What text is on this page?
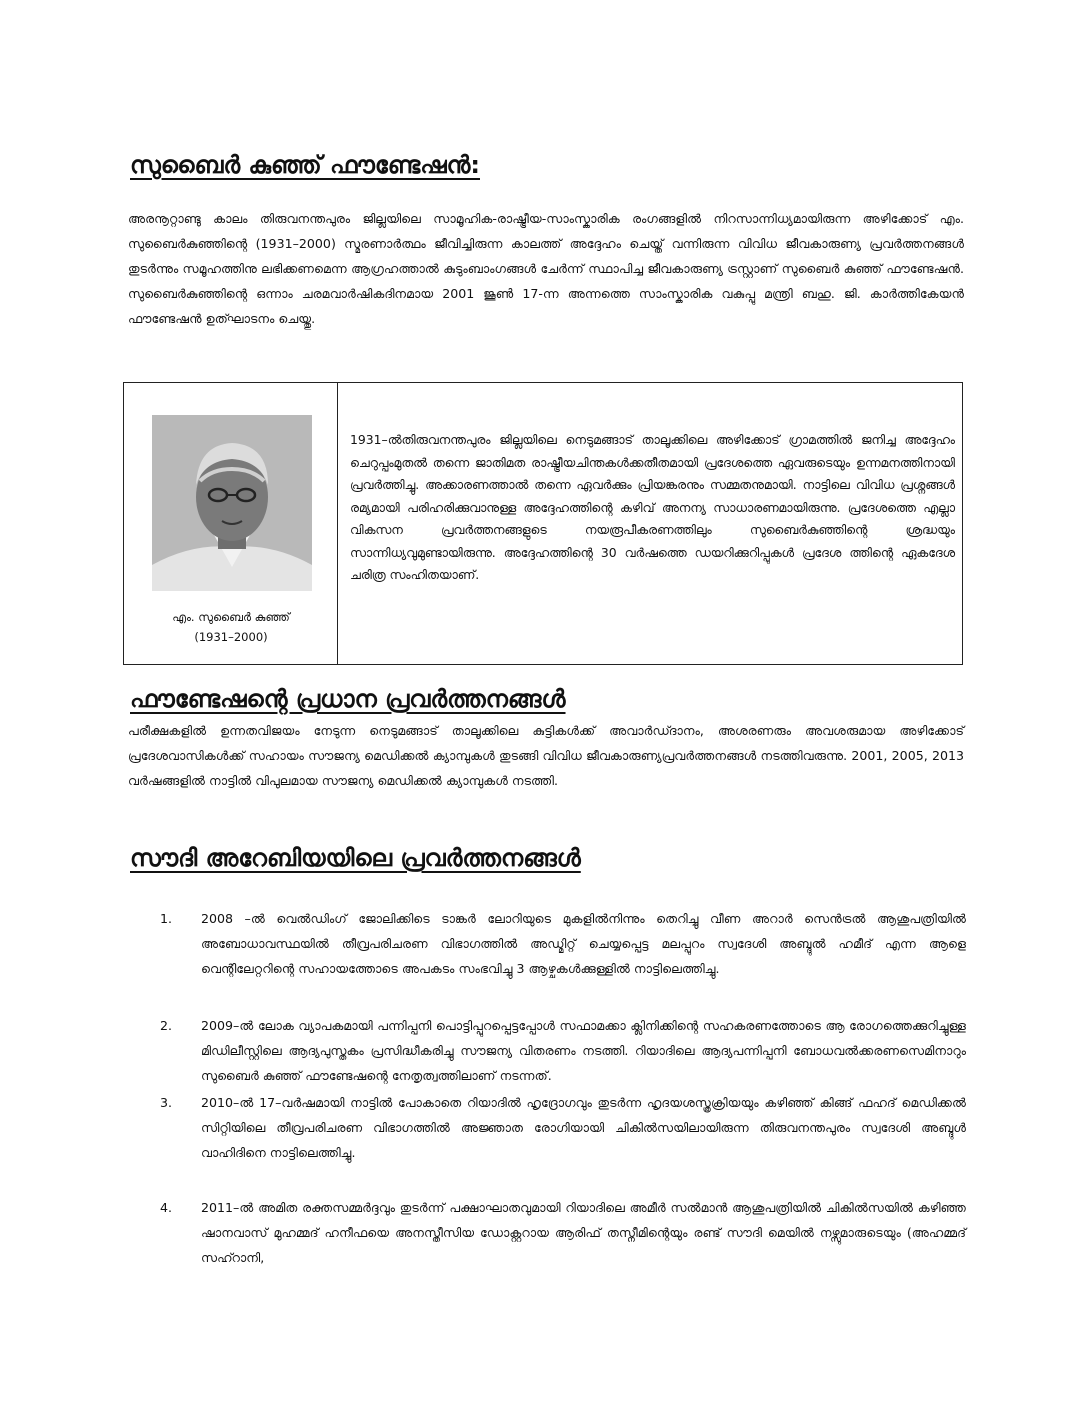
സുബൈർ കുഞ്ഞ് ഫൗണ്ടേഷൻ:

അരനൂറ്റാണ്ടു കാലം തിരുവനന്തപുരം ജില്ലയിലെ സാമൂഹിക-രാഷ്ട്രീയ-സാംസ്കാരിക രംഗങ്ങളിൽ നിറസാന്നിധ്യമായിരുന്ന അഴിക്കോട് എം. സുബൈർകുഞ്ഞിന്റെ (1931–2000) സ്മരണാർത്ഥം ജീവിച്ചിരുന്ന കാലത്ത് അദ്ദേഹം ചെയ്ത് വന്നിരുന്ന വിവിധ ജീവകാരുണ്യ പ്രവർത്തനങ്ങൾ തുടർന്നും സമൂഹത്തിനു ലഭിക്കണമെന്ന ആഗ്രഹത്താൽ കുടുംബാംഗങ്ങൾ ചേർന്ന് സ്ഥാപിച്ച ജീവകാരുണ്യ ട്രസ്റ്റാണ് സുബൈർ കുഞ്ഞ് ഫൗണ്ടേഷൻ. സുബൈർകുഞ്ഞിന്റെ ഒന്നാം ചരമവാർഷികദിനമായ 2001 ജൂൺ 17-ന്ന അന്നത്തെ സാംസ്കാരിക വകുപ്പു മന്ത്രി ബഹു. ജി. കാർത്തികേയൻ ഫൗണ്ടേഷൻ ഉത്ഘാടനം ചെയ്തു.

എം. സുബൈർ കുഞ്ഞ്
(1931–2000)

1931–ൽതിരുവനന്തപുരം ജില്ലയിലെ നെടുമങ്ങാട് താലൂക്കിലെ അഴിക്കോട് ഗ്രാമത്തിൽ ജനിച്ച അദ്ദേഹം ചെറുപ്പംമുതൽ തന്നെ ജാതിമത രാഷ്ട്രീയചിന്തകൾക്കതീതമായി പ്രദേശത്തെ ഏവരുടെയും ഉന്നമനത്തിനായി പ്രവർത്തിച്ചു. അക്കാരണത്താൽ തന്നെ ഏവർക്കും പ്രിയങ്കരനും സമ്മതനുമായി. നാട്ടിലെ വിവിധ പ്രശ്നങ്ങൾ രമ്യമായി പരിഹരിക്കുവാനുള്ള അദ്ദേഹത്തിന്റെ കഴിവ് അനന്യ സാധാരണമായിരുന്നു. പ്രദേശത്തെ എല്ലാ വികസന പ്രവർത്തനങ്ങളുടെ നയരൂപീകരണത്തിലും സുബൈർകുഞ്ഞിന്റെ ശ്രദ്ധയും സാന്നിധ്യവുമുണ്ടായിരുന്നു. അദ്ദേഹത്തിന്റെ 30 വർഷത്തെ ഡയറിക്കുറിപ്പുകൾ പ്രദേശ ത്തിന്റെ ഏകദേശ ചരിത്ര സംഹിതയാണ്.

ഫൗണ്ടേഷന്റെ പ്രധാന പ്രവർത്തനങ്ങൾ

പരീക്ഷകളിൽ ഉന്നതവിജയം നേടുന്ന നെടുമങ്ങാട് താലൂക്കിലെ കുട്ടികൾക്ക് അവാർഡ്ദാനം, അശരണരും അവശരുമായ അഴിക്കോട് പ്രദേശവാസികൾക്ക് സഹായം സൗജന്യ മെഡിക്കൽ ക്യാമ്പുകൾ തുടങ്ങി വിവിധ ജീവകാരുണ്യപ്രവർത്തനങ്ങൾ നടത്തിവരുന്നു. 2001, 2005, 2013 വർഷങ്ങളിൽ നാട്ടിൽ വിപുലമായ സൗജന്യ മെഡിക്കൽ ക്യാമ്പുകൾ നടത്തി.

സൗദി അറേബിയയിലെ പ്രവർത്തനങ്ങൾ
1. 2008 –ൽ വെൽഡിംഗ് ജോലിക്കിടെ ടാങ്കർ ലോറിയുടെ മുകളിൽനിന്നും തെറിച്ചു വീണ അറാർ സെൻട്രൽ ആശുപത്രിയിൽ അബോധാവസ്ഥയിൽ തീവ്രപരിചരണ വിഭാഗത്തിൽ അഡ്മിറ്റ് ചെയ്യപ്പെട്ട മലപ്പുറം സ്വദേശി അബ്ദുൽ ഹമീദ് എന്ന ആളെ വെന്റിലേറ്ററിന്റെ സഹായത്തോടെ അപകടം സംഭവിച്ചു 3 ആഴ്ചകൾക്കുള്ളിൽ നാട്ടിലെത്തിച്ചു.

2. 2009–ൽ ലോക വ്യാപകമായി പന്നിപ്പനി പൊട്ടിപ്പുറപ്പെട്ടപ്പോൾ സഫാമക്കാ ക്ലിനിക്കിന്റെ സഹകരണത്തോടെ ആ രോഗത്തെക്കുറിച്ചുള്ള മിഡിലീസ്റ്റിലെ ആദ്യപുസ്തകം പ്രസിദ്ധീകരിച്ചു സൗജന്യ വിതരണം നടത്തി. റിയാദിലെ ആദ്യപന്നിപ്പനി ബോധവൽക്കരണസെമിനാറും സുബൈർ കുഞ്ഞ് ഫൗണ്ടേഷന്റെ നേതൃത്വത്തിലാണ് നടന്നത്.

3. 2010–ൽ 17–വർഷമായി നാട്ടിൽ പോകാതെ റിയാദിൽ ഹൃദ്രോഗവും തുടർന്ന ഹൃദയശസ്ത്രക്രിയയും കഴിഞ്ഞ് കിങ്ങ് ഫഹദ് മെഡിക്കൽ സിറ്റിയിലെ തീവ്രപരിചരണ വിഭാഗത്തിൽ അജ്ഞാത രോഗിയായി ചികിൽസയിലായിരുന്ന തിരുവനന്തപുരം സ്വദേശി അബ്ദുൾ വാഹിദിനെ നാട്ടിലെത്തിച്ചു.

4. 2011–ൽ അമിത രക്തസമ്മർദ്ദവും തുടർന്ന് പക്ഷാഘാതവുമായി റിയാദിലെ അമീർ സൽമാൻ ആശുപത്രിയിൽ ചികിൽസയിൽ കഴിഞ്ഞ ഷാനവാസ് മുഹമ്മദ് ഹനീഫയെ അനസ്തീസിയ ഡോക്റ്ററായ ആരിഫ് തസ്നീമിന്റെയും രണ്ട് സൗദി മെയിൽ നഴ്സുമാരുടെയും (അഹമ്മദ് സഹ്റാനി,
